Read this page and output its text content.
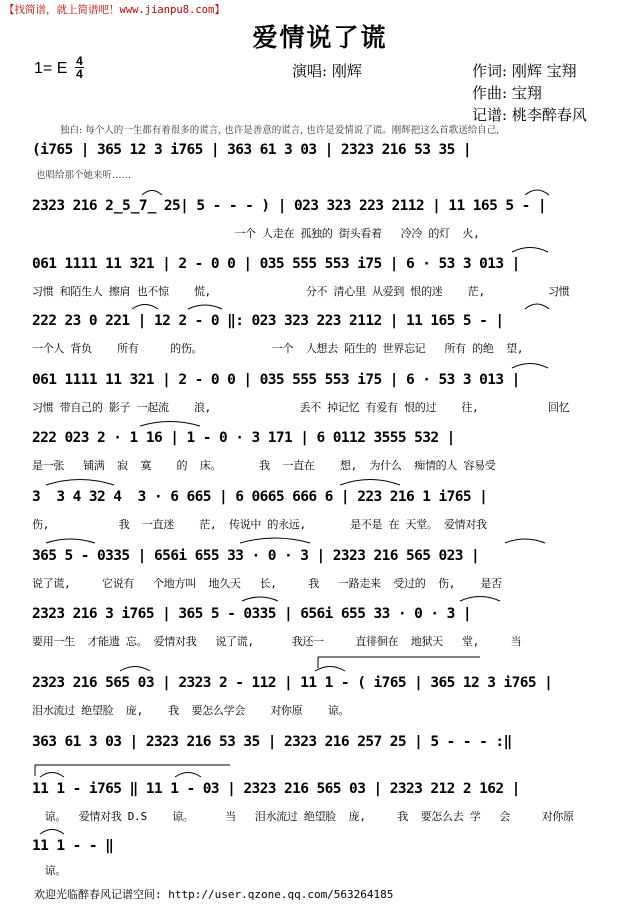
【找简谱，就上简谱吧！www.jianpu8.com】
爱情说了谎
1= E 4
4	演唱: 刚辉	作词: 刚辉 宝翔
作曲: 宝翔
记谱: 桃李醉春风
独白: 每个人的一生都有着很多的谎言, 也许是善意的谎言, 也许是爱情说了谎。刚辉把这么首歌送给自己,
也唱给那个她来听……
(i765 | 365 12 3 i765 | 363 61 3 03 | 2323 216 53 35 |
2323 216 2̲5̲7̲ 25| 5 - - - ) | 023 323 223 2112 | 11 165 5 - |
一个 人走在 孤独的 街头看着   冷冷 的灯  火,
061 1111 11 321 | 2 - 0 0 | 035 555 553 i75 | 6 · 53 3 013 |
习惯 和陌生人 擦肩 也不惊    慌,               分不 清心里 从爱到 恨的迷    茫,          习惯
222 23 0 221 | 12 2 - 0 ‖: 023 323 223 2112 | 11 165 5 - |
一个人 背负    所有     的伤。           一个  人想去 陌生的 世界忘记   所有 的绝  望,
061 1111 11 321 | 2 - 0 0 | 035 555 553 i75 | 6 · 53 3 013 |
习惯 带自己的 影子 一起流    浪,              丢不 掉记忆 有爱有 恨的过    往,           回忆
222 023 2 · 1 16 | 1 - 0 · 3 171 | 6 0112 3555 532 |
是一张   铺满  寂  寞    的  床。      我  一直在    想,  为什么  痴情的人 容易受
3  3 4 32 4  3 · 6 665 | 6 0665 666 6 | 223 216 1 i765 |
伤,           我  一直迷    茫,  传说中 的永远,       是不是 在 天堂。 爱情对我
365 5 - 0335 | 656i 655 33 · 0 · 3 | 2323 216 565 023 |
说了谎,     它说有   个地方叫  地久天   长,     我   一路走来  受过的  伤,    是否
2323 216 3 i765 | 365 5 - 0335 | 656i 655 33 · 0 · 3 |
要用一生  才能遗 忘。 爱情对我   说了谎,      我还一     直徘徊在  地狱天   堂,     当
2323 216 565 03 | 2323 2 - 112 | 11 1 - ( i765 | 365 12 3 i765 |
泪水流过 绝望脸  庞,    我  要怎么学会    对你原    谅。
363 61 3 03 | 2323 216 53 35 | 2323 216 257 25 | 5 - - - :‖
11 1 - i765 ‖ 11 1 - 03 | 2323 216 565 03 | 2323 212 2 162 |
谅。  爱情对我 D.S    谅。     当   泪水流过 绝望脸  庞,     我  要怎么去 学   会     对你原
11 1 - - ‖
谅。
欢迎光临醉春风记谱空间: http://user.qzone.qq.com/563264185
